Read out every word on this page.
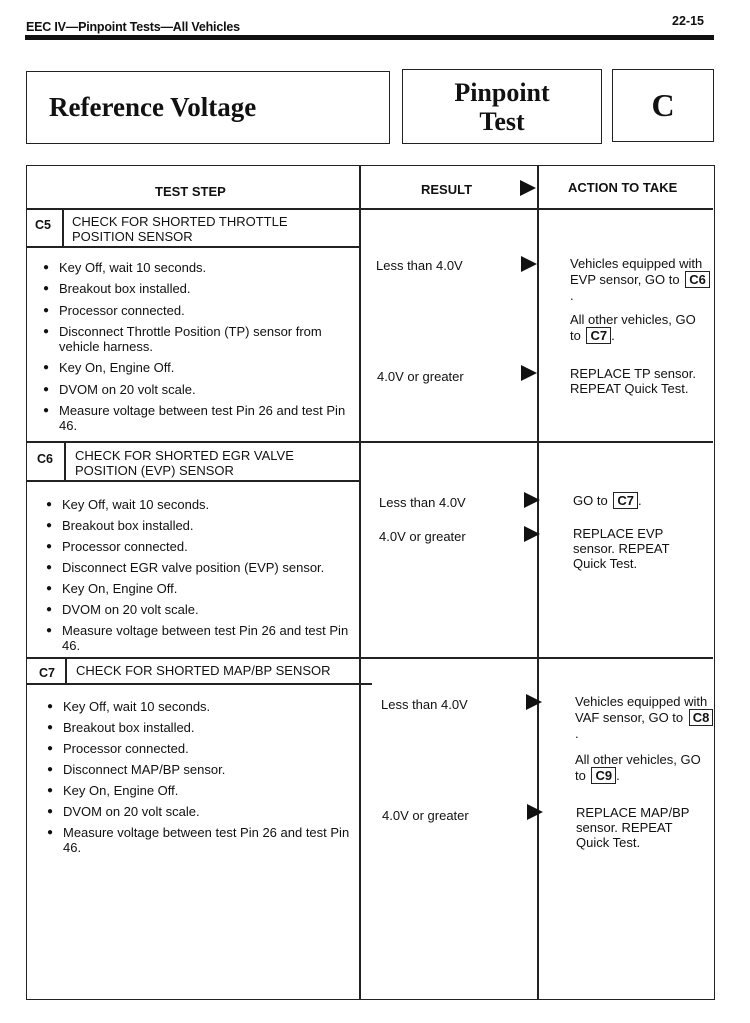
EEC IV—Pinpoint Tests—All Vehicles	22-15
Reference Voltage	Pinpoint Test	C
TEST STEP	RESULT	ACTION TO TAKE
C5 CHECK FOR SHORTED THROTTLE POSITION SENSOR
● Key Off, wait 10 seconds.
● Breakout box installed.
● Processor connected.
● Disconnect Throttle Position (TP) sensor from vehicle harness.
● Key On, Engine Off.
● DVOM on 20 volt scale.
● Measure voltage between test Pin 26 and test Pin 46.
Less than 4.0V	Vehicles equipped with EVP sensor, GO to C6.
All other vehicles, GO to C7 .
4.0V or greater	REPLACE TP sensor. REPEAT Quick Test.
C6 CHECK FOR SHORTED EGR VALVE POSITION (EVP) SENSOR
● Key Off, wait 10 seconds.
● Breakout box installed.
● Processor connected.
● Disconnect EGR valve position (EVP) sensor.
● Key On, Engine Off.
● DVOM on 20 volt scale.
● Measure voltage between test Pin 26 and test Pin 46.
Less than 4.0V	GO to C7 .
4.0V or greater	REPLACE EVP sensor. REPEAT Quick Test.
C7 CHECK FOR SHORTED MAP/BP SENSOR
● Key Off, wait 10 seconds.
● Breakout box installed.
● Processor connected.
● Disconnect MAP/BP sensor.
● Key On, Engine Off.
● DVOM on 20 volt scale.
● Measure voltage between test Pin 26 and test Pin 46.
Less than 4.0V	Vehicles equipped with VAF sensor, GO to C8.
All other vehicles, GO to C9 .
4.0V or greater	REPLACE MAP/BP sensor. REPEAT Quick Test.
